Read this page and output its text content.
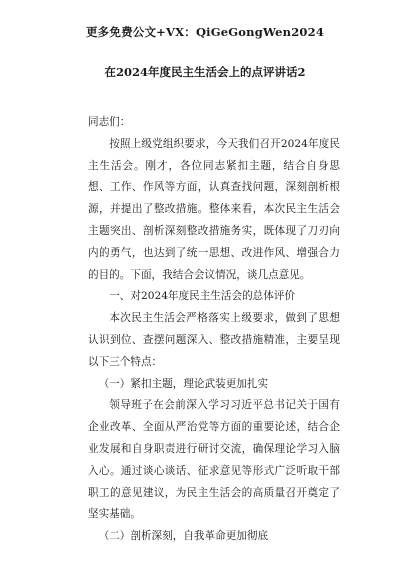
更多免费公文+VX：QiGeGongWen2024
在2024年度民主生活会上的点评讲话2

同志们：

按照上级党组织要求，今天我们召开2024年度民主生活会。刚才，各位同志紧扣主题，结合自身思想、工作、作风等方面，认真查找问题，深刻剖析根源，并提出了整改措施。整体来看，本次民主生活会主题突出、剖析深刻整改措施务实，既体现了刀刃向内的勇气，也达到了统一思想、改进作风、增强合力的目的。下面，我结合会议情况，谈几点意见。

一、对2024年度民主生活会的总体评价

本次民主生活会严格落实上级要求，做到了思想认识到位、查摆问题深入、整改措施精准，主要呈现以下三个特点：

（一）紧扣主题，理论武装更加扎实

领导班子在会前深入学习习近平总书记关于国有企业改革、全面从严治党等方面的重要论述，结合企业发展和自身职责进行研讨交流，确保理论学习入脑入心。通过谈心谈话、征求意见等形式广泛听取干部职工的意见建议，为民主生活会的高质量召开奠定了坚实基础。

（二）剖析深刻，自我革命更加彻底
